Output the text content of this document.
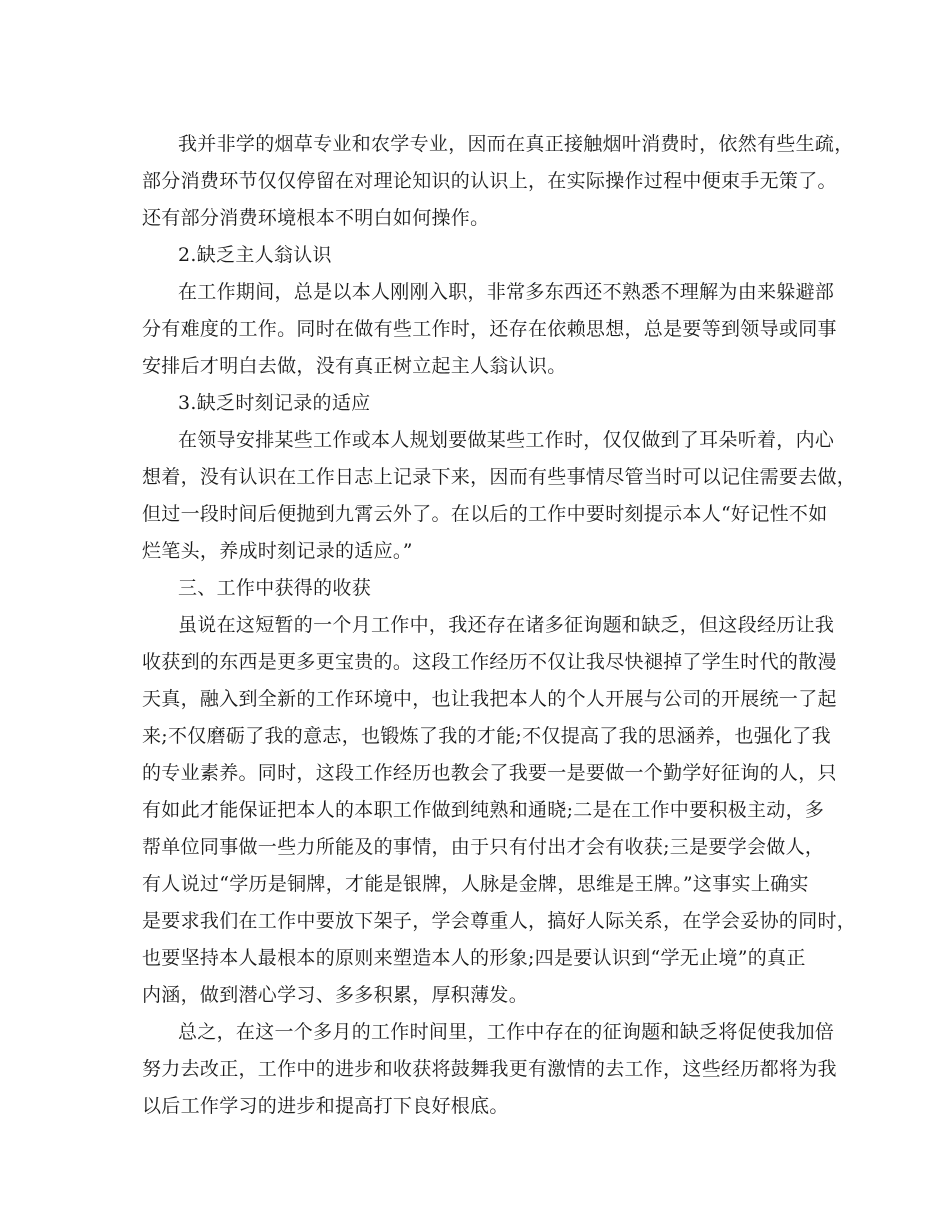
我并非学的烟草专业和农学专业，因而在真正接触烟叶消费时，依然有些生疏，
部分消费环节仅仅停留在对理论知识的认识上，在实际操作过程中便束手无策了。
还有部分消费环境根本不明白如何操作。
2.缺乏主人翁认识
在工作期间，总是以本人刚刚入职，非常多东西还不熟悉不理解为由来躲避部
分有难度的工作。同时在做有些工作时，还存在依赖思想，总是要等到领导或同事
安排后才明白去做，没有真正树立起主人翁认识。
3.缺乏时刻记录的适应
在领导安排某些工作或本人规划要做某些工作时，仅仅做到了耳朵听着，内心
想着，没有认识在工作日志上记录下来，因而有些事情尽管当时可以记住需要去做，
但过一段时间后便抛到九霄云外了。在以后的工作中要时刻提示本人“好记性不如
烂笔头，养成时刻记录的适应。”
三、工作中获得的收获
虽说在这短暂的一个月工作中，我还存在诸多征询题和缺乏，但这段经历让我
收获到的东西是更多更宝贵的。这段工作经历不仅让我尽快褪掉了学生时代的散漫
天真，融入到全新的工作环境中，也让我把本人的个人开展与公司的开展统一了起
来;不仅磨砺了我的意志，也锻炼了我的才能;不仅提高了我的思涵养，也强化了我
的专业素养。同时，这段工作经历也教会了我要一是要做一个勤学好征询的人，只
有如此才能保证把本人的本职工作做到纯熟和通晓;二是在工作中要积极主动，多
帮单位同事做一些力所能及的事情，由于只有付出才会有收获;三是要学会做人，
有人说过“学历是铜牌，才能是银牌，人脉是金牌，思维是王牌。”这事实上确实
是要求我们在工作中要放下架子，学会尊重人，搞好人际关系，在学会妥协的同时，
也要坚持本人最根本的原则来塑造本人的形象;四是要认识到“学无止境”的真正
内涵，做到潜心学习、多多积累，厚积薄发。
总之，在这一个多月的工作时间里，工作中存在的征询题和缺乏将促使我加倍
努力去改正，工作中的进步和收获将鼓舞我更有激情的去工作，这些经历都将为我
以后工作学习的进步和提高打下良好根底。
